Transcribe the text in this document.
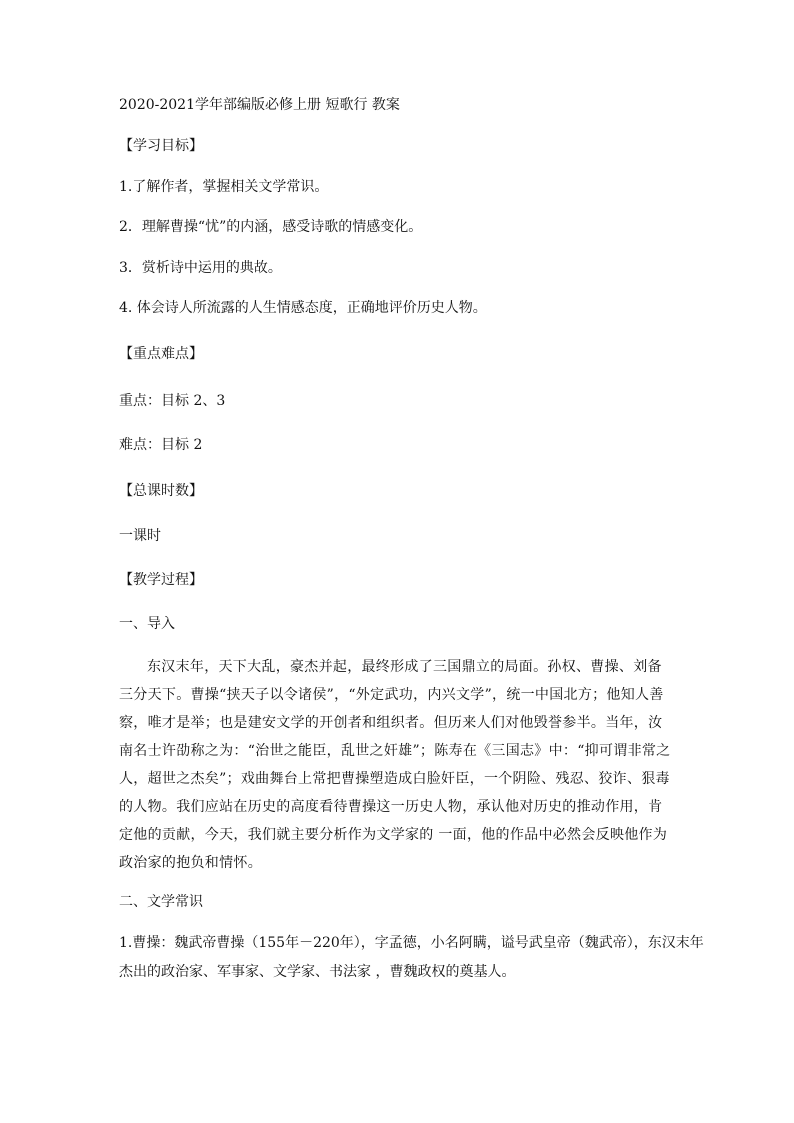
2020-2021学年部编版必修上册 短歌行 教案
【学习目标】
1.了解作者，掌握相关文学常识。
2．理解曹操“忧”的内涵，感受诗歌的情感变化。
3．赏析诗中运用的典故。
4. 体会诗人所流露的人生情感态度，正确地评价历史人物。
【重点难点】
重点：目标 2、3
难点：目标 2
【总课时数】
一课时
【教学过程】
一、导入

东汉末年，天下大乱，豪杰并起，最终形成了三国鼎立的局面。孙权、曹操、刘备三分天下。曹操“挟天子以令诸侯”，“外定武功，内兴文学”，统一中国北方；他知人善察，唯才是举；也是建安文学的开创者和组织者。但历来人们对他毁誉参半。当年，汝南名士许劭称之为：“治世之能臣，乱世之奸雄”；陈寿在《三国志》中：“抑可谓非常之人，超世之杰矣”；戏曲舞台上常把曹操塑造成白脸奸臣，一个阴险、残忍、狡诈、狠毒的人物。我们应站在历史的高度看待曹操这一历史人物，承认他对历史的推动作用，肯定他的贡献，今天，我们就主要分析作为文学家的 一面，他的作品中必然会反映他作为政治家的抱负和情怀。

二、文学常识
1.曹操：魏武帝曹操（155年－220年），字孟德，小名阿瞒，谥号武皇帝（魏武帝），东汉末年
杰出的政治家、军事家、文学家、书法家 ，曹魏政权的奠基人。
